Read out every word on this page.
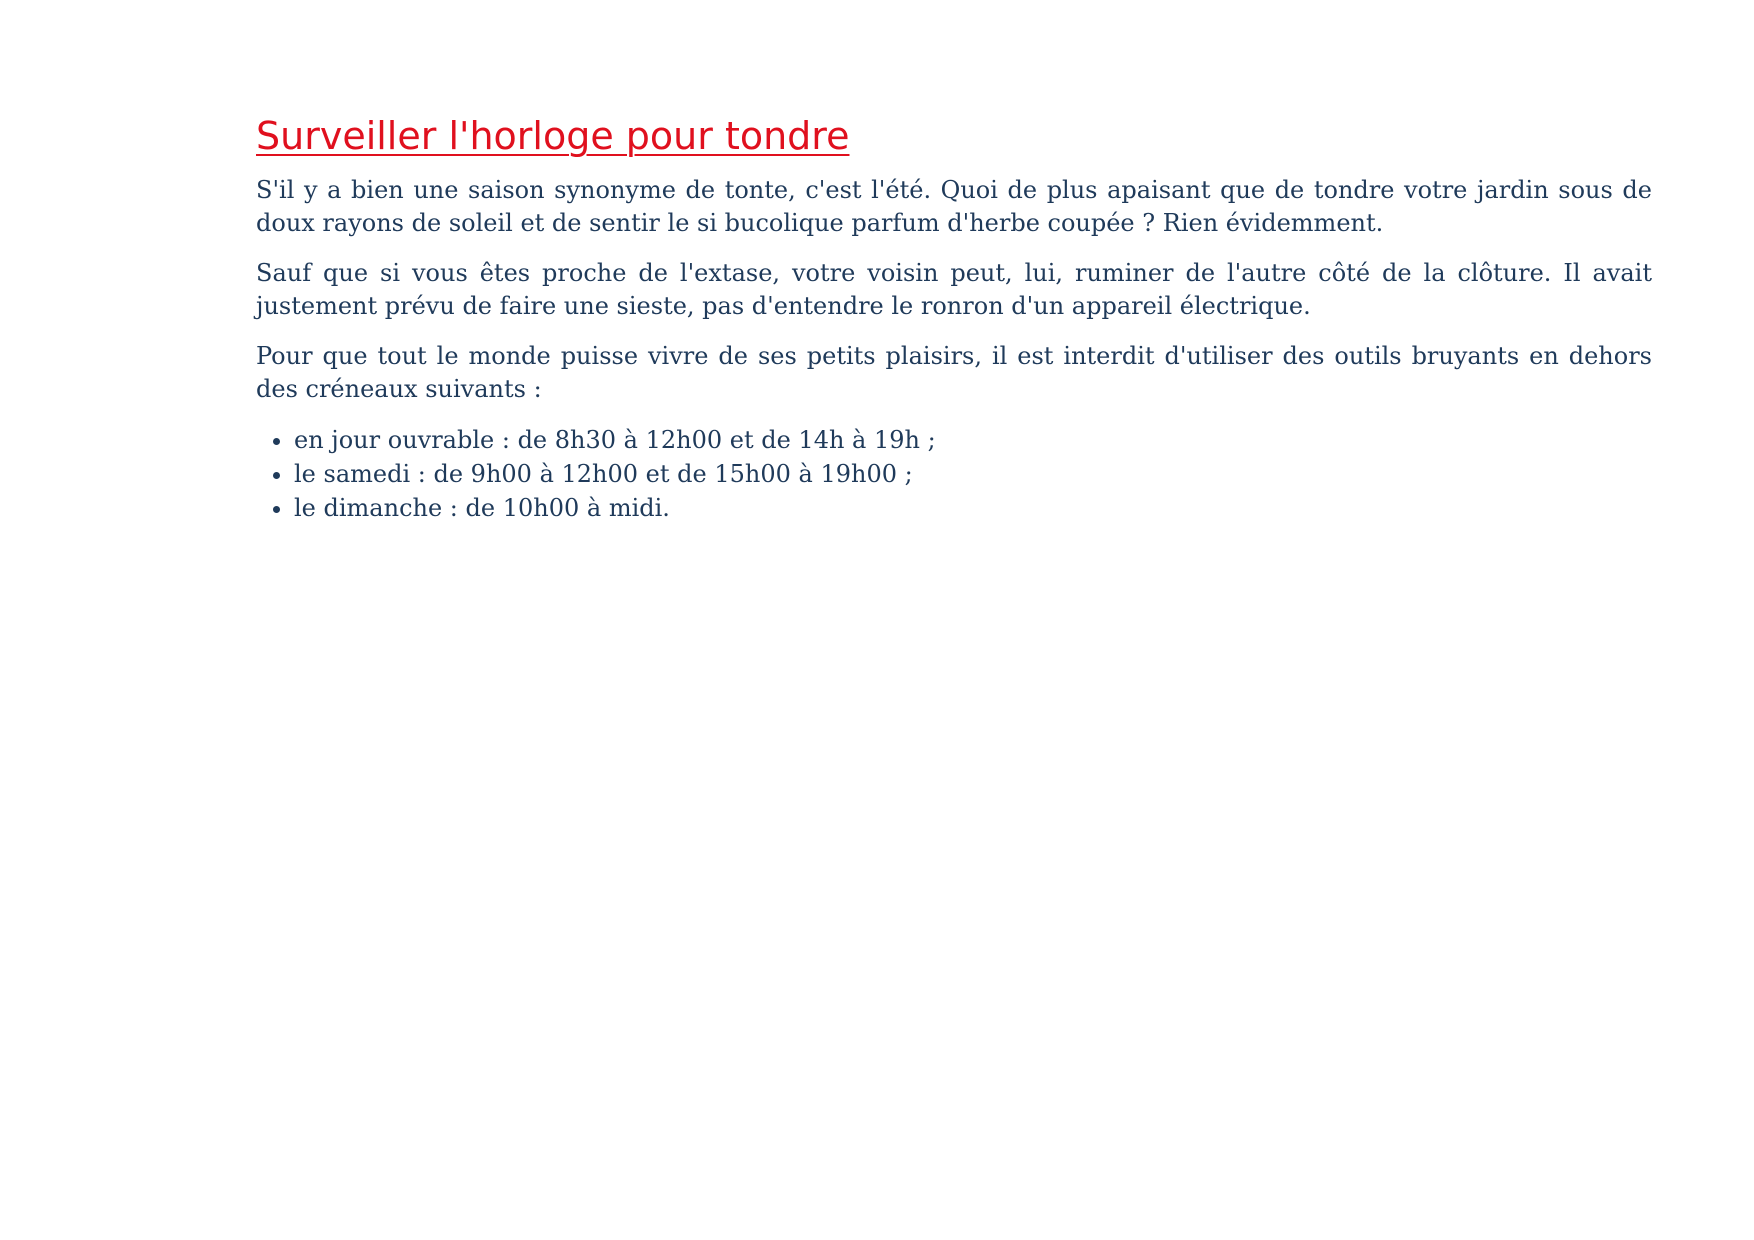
Surveiller l'horloge pour tondre

S'il y a bien une saison synonyme de tonte, c'est l'été. Quoi de plus apaisant que de tondre votre jardin sous de doux rayons de soleil et de sentir le si bucolique parfum d'herbe coupée ? Rien évidemment.

Sauf que si vous êtes proche de l'extase, votre voisin peut, lui, ruminer de l'autre côté de la clôture. Il avait justement prévu de faire une sieste, pas d'entendre le ronron d'un appareil électrique.

Pour que tout le monde puisse vivre de ses petits plaisirs, il est interdit d'utiliser des outils bruyants en dehors des créneaux suivants :

• en jour ouvrable : de 8h30 à 12h00 et de 14h à 19h ;
• le samedi : de 9h00 à 12h00 et de 15h00 à 19h00 ;
• le dimanche : de 10h00 à midi.
